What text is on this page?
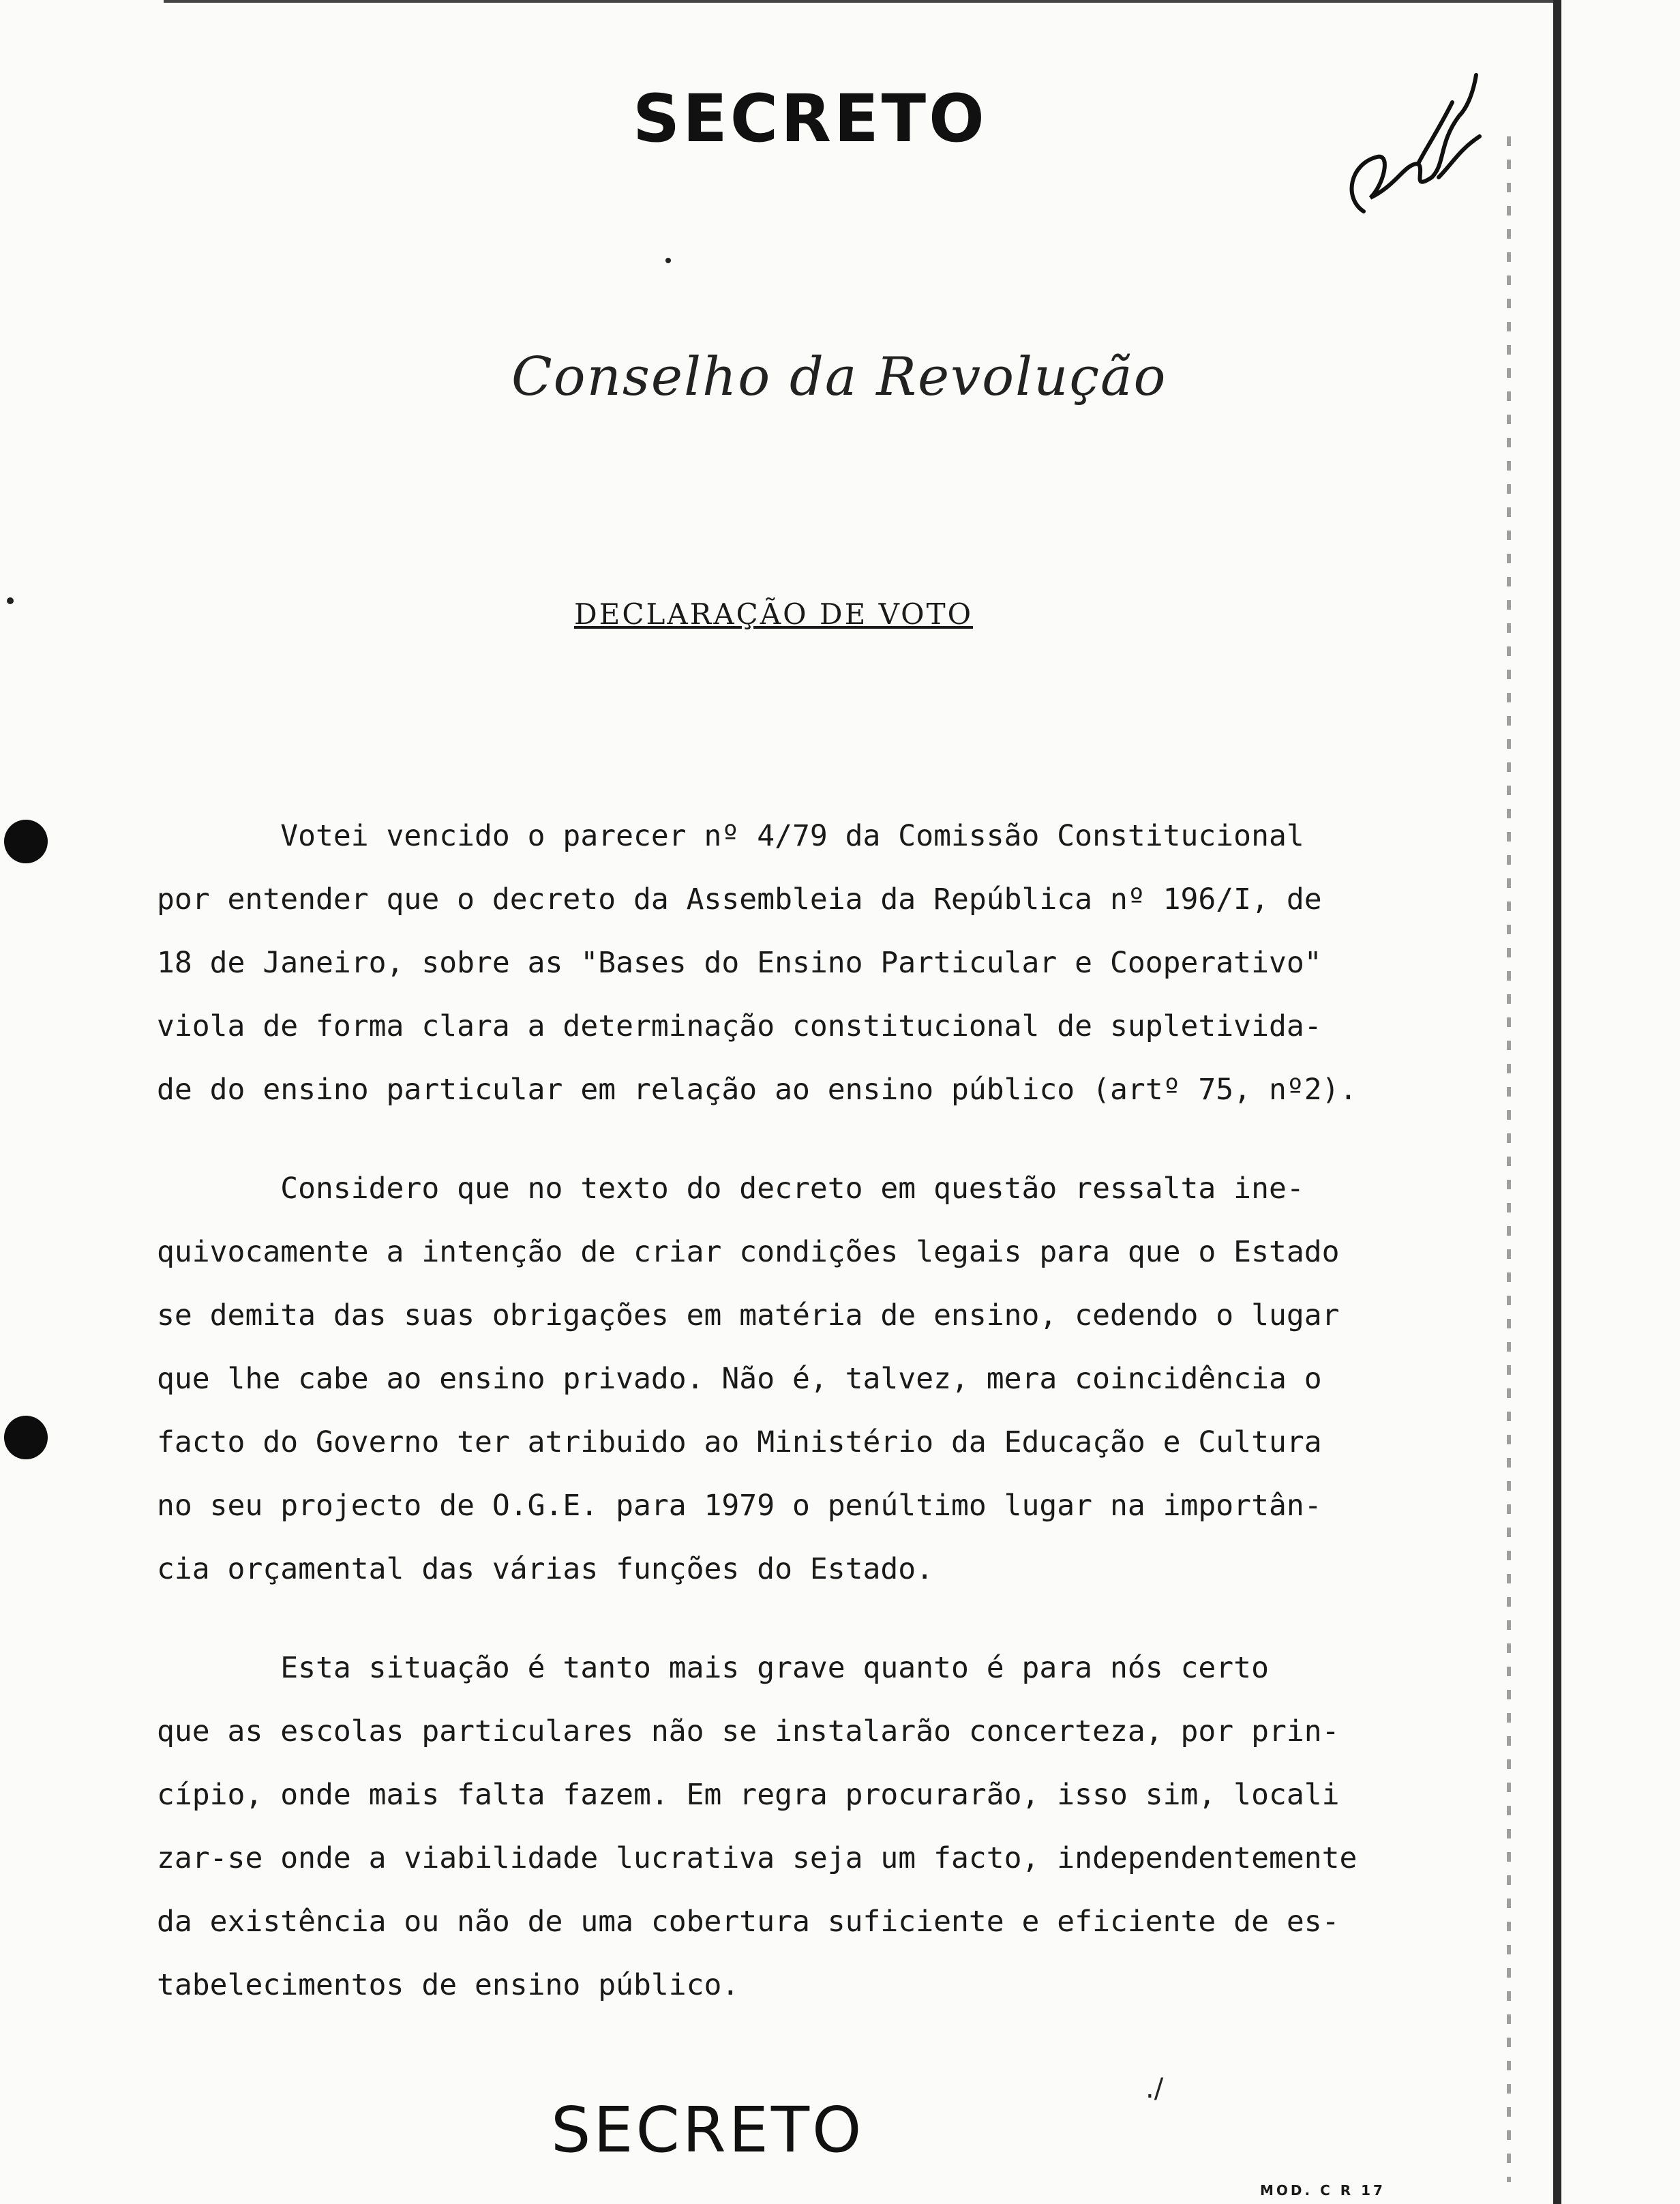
SECRETO
Conselho da Revolução
DECLARAÇÃO DE VOTO
Votei vencido o parecer nº 4/79 da Comissão Constitucional
por entender que o decreto da Assembleia da República nº 196/I, de
18 de Janeiro, sobre as "Bases do Ensino Particular e Cooperativo"
viola de forma clara a determinação constitucional de supletivida-
de do ensino particular em relação ao ensino público (artº 75, nº2).
Considero que no texto do decreto em questão ressalta ine-
quivocamente a intenção de criar condições legais para que o Estado
se demita das suas obrigações em matéria de ensino, cedendo o lugar
que lhe cabe ao ensino privado. Não é, talvez, mera coincidência o
facto do Governo ter atribuido ao Ministério da Educação e Cultura
no seu projecto de O.G.E. para 1979 o penúltimo lugar na importân-
cia orçamental das várias funções do Estado.
Esta situação é tanto mais grave quanto é para nós certo
que as escolas particulares não se instalarão concerteza, por prin-
cípio, onde mais falta fazem. Em regra procurarão, isso sim, locali
zar-se onde a viabilidade lucrativa seja um facto, independentemente
da existência ou não de uma cobertura suficiente e eficiente de es-
tabelecimentos de ensino público.
./
SECRETO
MOD. C R 17
